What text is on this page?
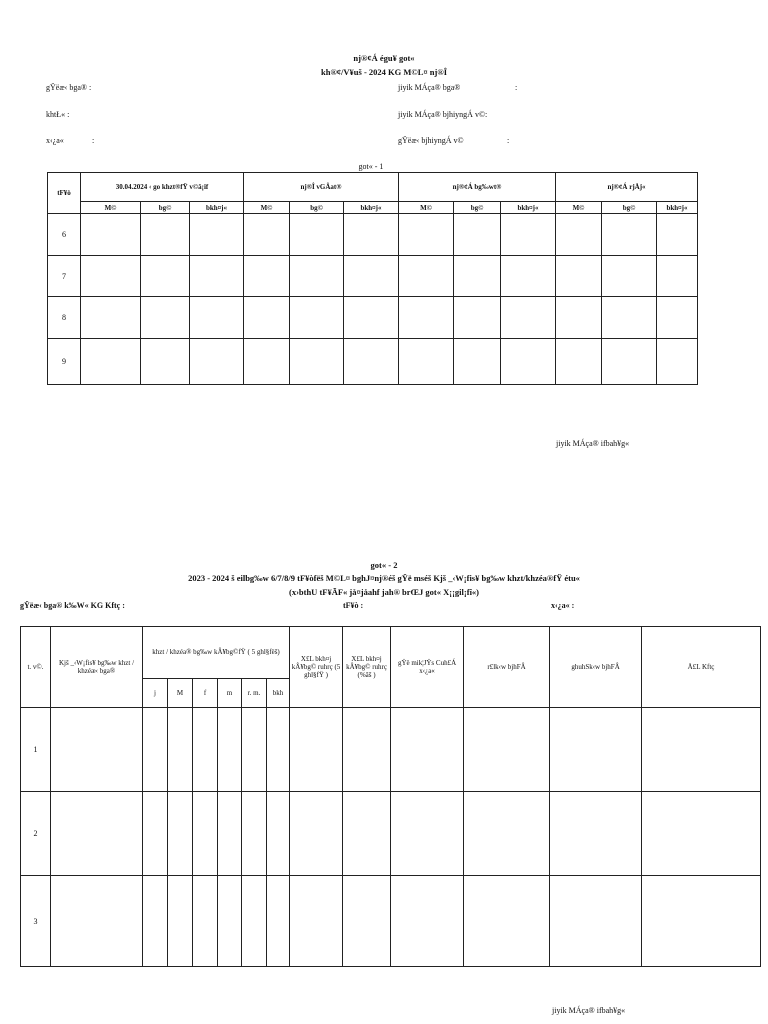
nj®¢Á égu¥ got«
kh®¢/V¥uš - 2024 KG M©L¤ nj®Î
gŸëæ‹ bga® :
khtŁ« :
x‹¿a«	:
jiyik MÁça® bga®	:
jiyik MÁça® bjhiyngÁ v©:
gŸëæ‹ bjhiyngÁ v©	:
got« - 1
tF¥ò	30.04.2024 ‹ go khzt®fŸ v©â¡if			nj®Î vGÂat®			nj®¢Á bg‰wt®			nj®¢Á rjÅj«		
	M©	bg©	bkh¤j«	M©	bg©	bkh¤j«	M©	bg©	bkh¤j«	M©	bg©	bkh¤j«
6												
7												
8												
9												
jiyik MÁça® ifbah¥g«
got« - 2
2023 - 2024 š eilbg‰w 6/7/8/9 tF¥òfëš M©L¤ bghJ¤nj®éš gŸë mséš Kjš _‹W¡fis¥ bg‰w khzt/khzéa®fŸ étu«
(x›bthU tF¥ÃF« jå¤jåahf jah® brŒJ got« X¡¡gil¡fî«)
gŸëæ‹ bga® k‰W« KG Kftç :	tF¥ò :	x‹¿a« :
t. v©.	Kjš _‹W¡fis¥ bg‰w khzt / khzéæ‹ bga®	khzt / khzéa® bg‰w kÂ¥bg©fŸ ( 5 ghl§fëš)						X£L bkh¤j kÂ¥bg© ruhrç (5 ghl§fŸ )	X£L bkh¤j kÂ¥bg© ruhrç (%âš )	gŸë mik¦JŸs Cuh£Á x‹¿a«	r£lk‹w bjhFÂ	ghuhSk‹w bjhFÂ	Å£L Kftç
		j	M	f	m	r. m.	bkh						
1													
2													
3													
jiyik MÁça® ifbah¥g«
